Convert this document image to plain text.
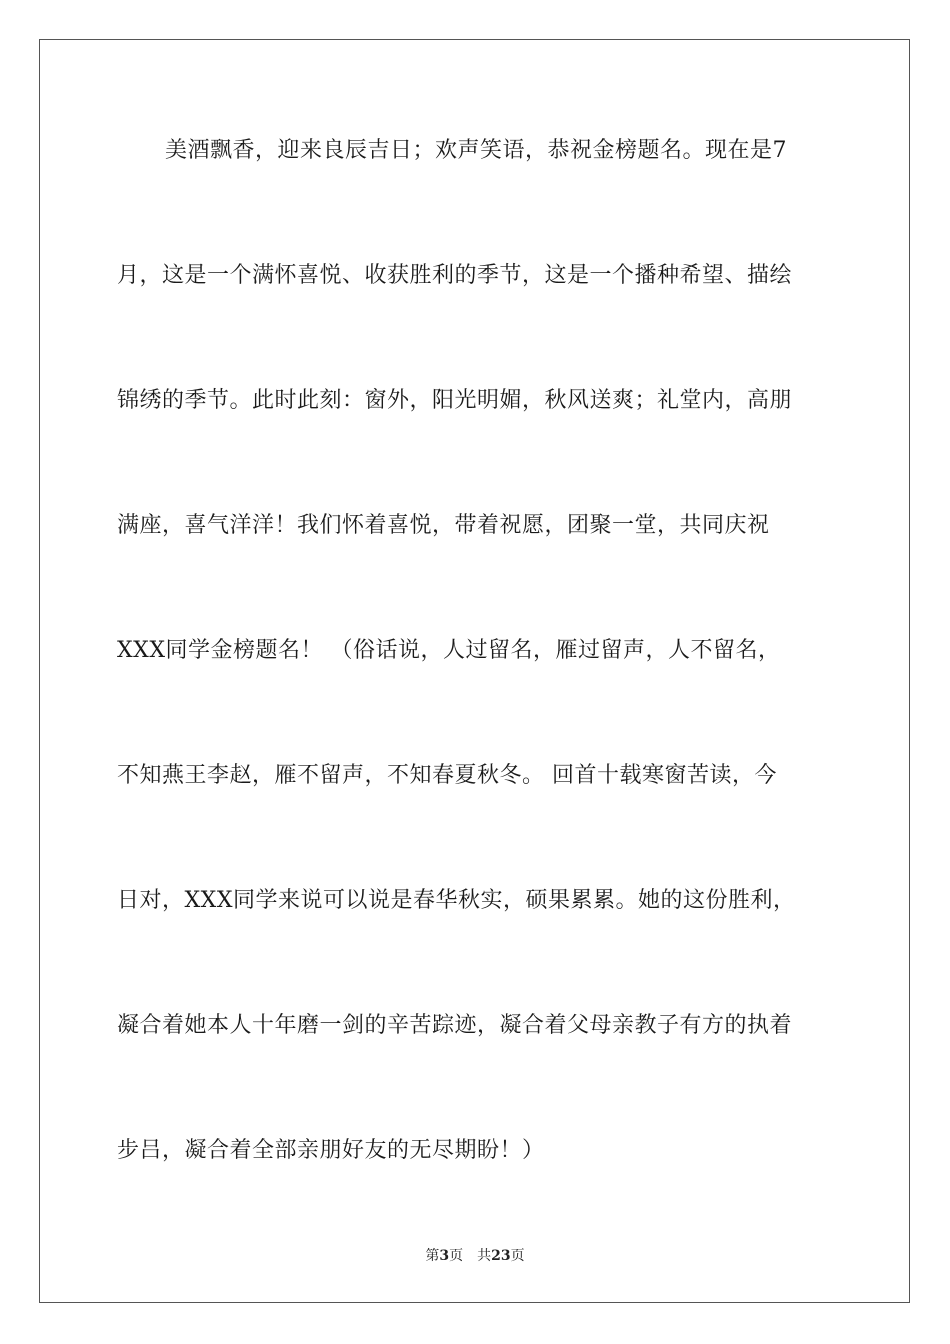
美酒飘香，迎来良辰吉日；欢声笑语，恭祝金榜题名。现在是7
月，这是一个满怀喜悦、收获胜利的季节，这是一个播种希望、描绘
锦绣的季节。此时此刻：窗外，阳光明媚，秋风送爽；礼堂内，高朋
满座，喜气洋洋！我们怀着喜悦，带着祝愿，团聚一堂，共同庆祝
XXX同学金榜题名！ （俗话说，人过留名，雁过留声，人不留名，
不知燕王李赵，雁不留声，不知春夏秋冬。 回首十载寒窗苦读，今
日对，XXX同学来说可以说是春华秋实，硕果累累。她的这份胜利，
凝合着她本人十年磨一剑的辛苦踪迹，凝合着父母亲教子有方的执着
步吕，凝合着全部亲朋好友的无尽期盼！）
第3页 共23页
